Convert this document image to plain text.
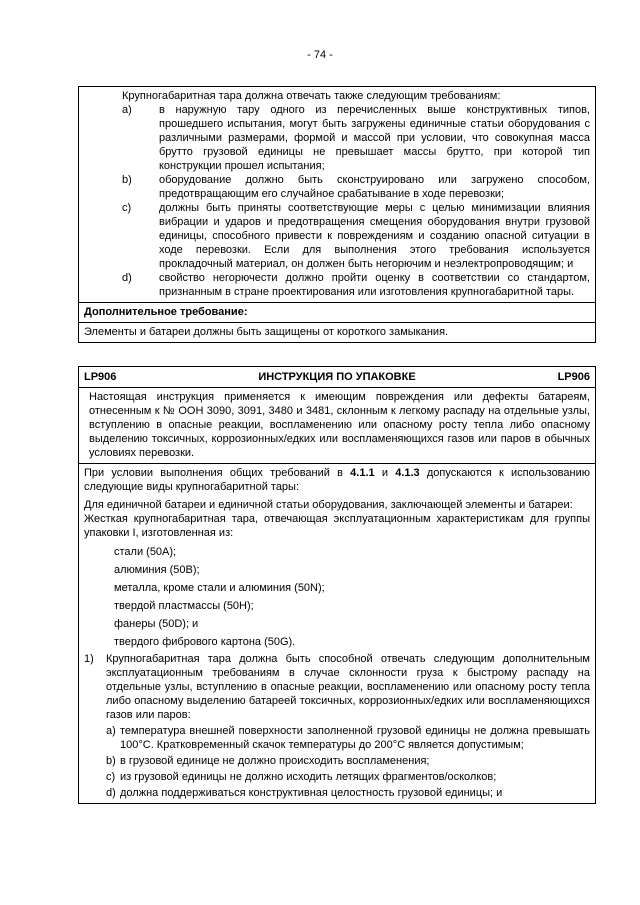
- 74 -
Крупногабаритная тара должна отвечать также следующим требованиям:
a)	в наружную тару одного из перечисленных выше конструктивных типов, прошедшего испытания, могут быть загружены единичные статьи оборудования с различными размерами, формой и массой при условии, что совокупная масса брутто грузовой единицы не превышает массы брутто, при которой тип конструкции прошел испытания;
b)	оборудование должно быть сконструировано или загружено способом, предотвращающим его случайное срабатывание в ходе перевозки;
c)	должны быть приняты соответствующие меры с целью минимизации влияния вибрации и ударов и предотвращения смещения оборудования внутри грузовой единицы, способного привести к повреждениям и созданию опасной ситуации в ходе перевозки. Если для выполнения этого требования используется прокладочный материал, он должен быть негорючим и неэлектропроводящим; и
d)	свойство негорючести должно пройти оценку в соответствии со стандартом, признанным в стране проектирования или изготовления крупногабаритной тары.
Дополнительное требование:
Элементы и батареи должны быть защищены от короткого замыкания.
LP906	ИНСТРУКЦИЯ ПО УПАКОВКЕ	LP906
Настоящая инструкция применяется к имеющим повреждения или дефекты батареям, отнесенным к № ООН 3090, 3091, 3480 и 3481, склонным к легкому распаду на отдельные узлы, вступлению в опасные реакции, воспламенению или опасному росту тепла либо опасному выделению токсичных, коррозионных/едких или воспламеняющихся газов или паров в обычных условиях перевозки.
При условии выполнения общих требований в 4.1.1 и 4.1.3 допускаются к использованию следующие виды крупногабаритной тары:
Для единичной батареи и единичной статьи оборудования, заключающей элементы и батареи:
Жесткая крупногабаритная тара, отвечающая эксплуатационным характеристикам для группы упаковки I, изготовленная из:
стали (50A);
алюминия (50B);
металла, кроме стали и алюминия (50N);
твердой пластмассы (50H);
фанеры (50D); и
твердого фибрового картона (50G).
1)	Крупногабаритная тара должна быть способной отвечать следующим дополнительным эксплуатационным требованиям в случае склонности груза к быстрому распаду на отдельные узлы, вступлению в опасные реакции, воспламенению или опасному росту тепла либо опасному выделению батареей токсичных, коррозионных/едких или воспламеняющихся газов или паров:
a) температура внешней поверхности заполненной грузовой единицы не должна превышать 100°C. Кратковременный скачок температуры до 200°C является допустимым;
b) в грузовой единице не должно происходить воспламенения;
c) из грузовой единицы не должно исходить летящих фрагментов/осколков;
d) должна поддерживаться конструктивная целостность грузовой единицы; и
